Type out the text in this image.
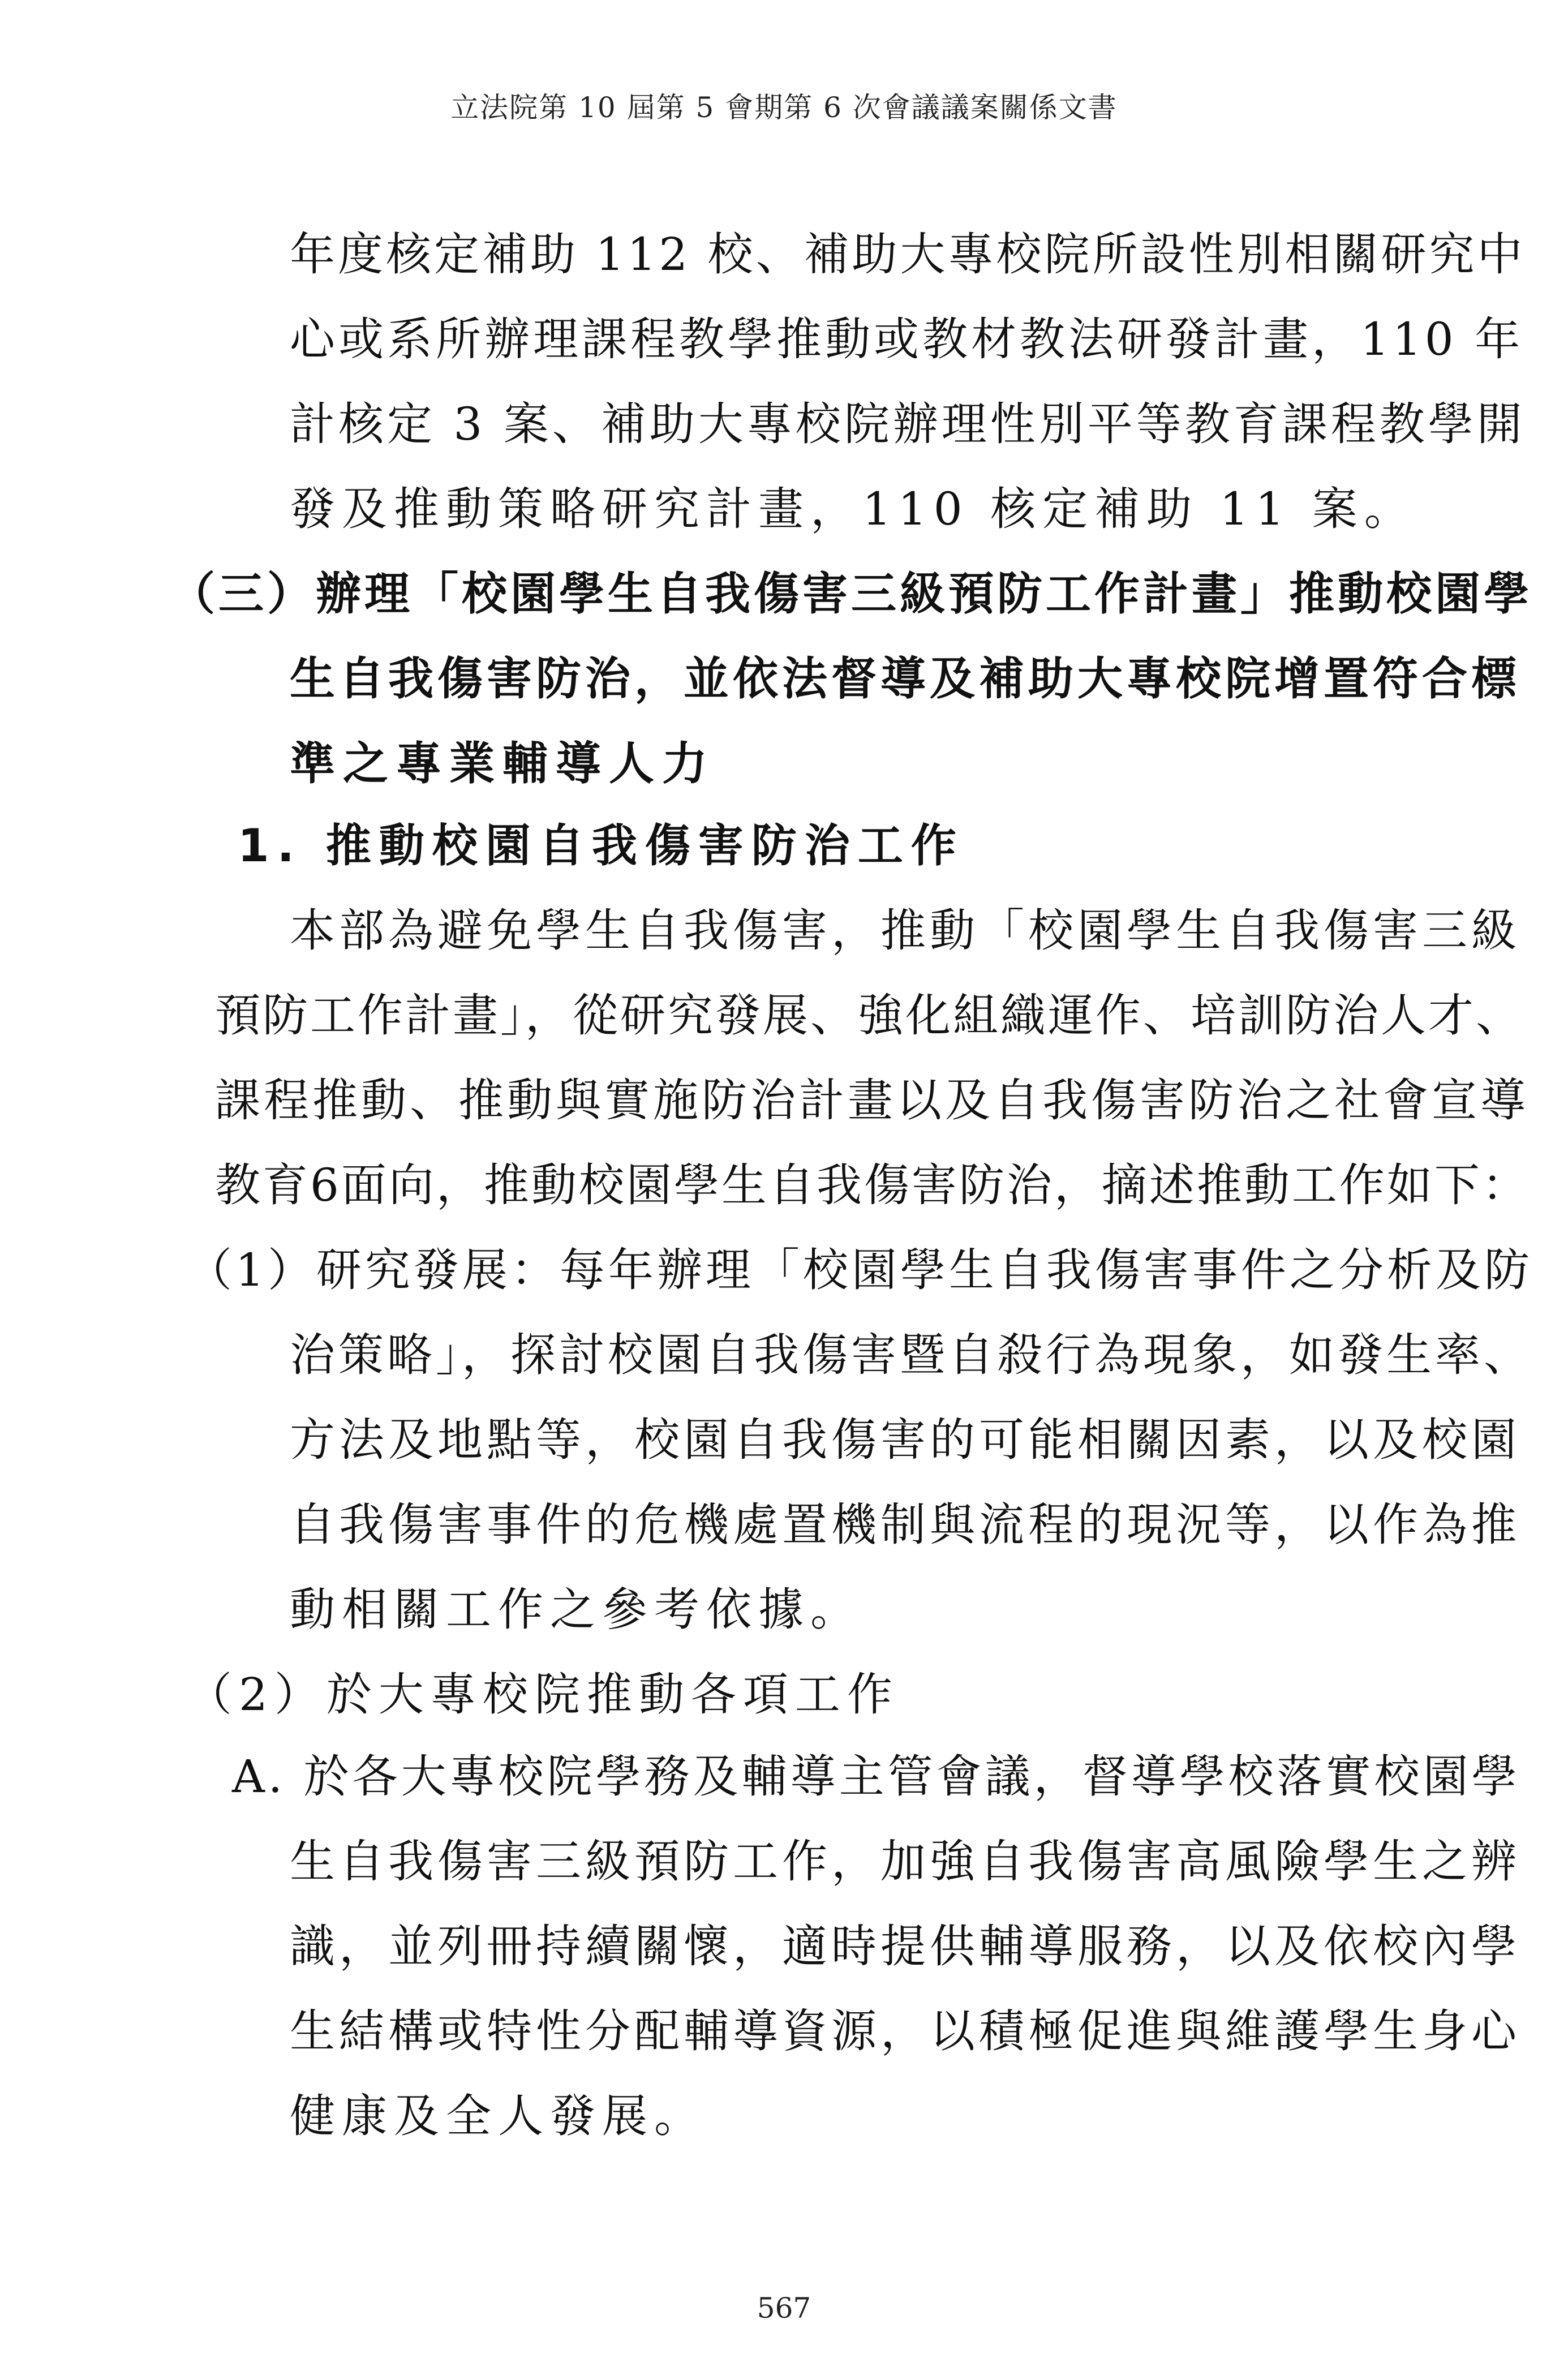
立法院第 10 屆第 5 會期第 6 次會議議案關係文書
年度核定補助 112 校、補助大專校院所設性別相關研究中
心或系所辦理課程教學推動或教材教法研發計畫，110 年
計核定 3 案、補助大專校院辦理性別平等教育課程教學開
發及推動策略研究計畫，110 核定補助 11 案。
（三）辦理「校園學生自我傷害三級預防工作計畫」推動校園學
生自我傷害防治，並依法督導及補助大專校院增置符合標
準之專業輔導人力
1. 推動校園自我傷害防治工作
本部為避免學生自我傷害，推動「校園學生自我傷害三級
預防工作計畫」，從研究發展、強化組織運作、培訓防治人才、
課程推動、推動與實施防治計畫以及自我傷害防治之社會宣導
教育6面向，推動校園學生自我傷害防治，摘述推動工作如下：
（1）研究發展：每年辦理「校園學生自我傷害事件之分析及防
治策略」，探討校園自我傷害暨自殺行為現象，如發生率、
方法及地點等，校園自我傷害的可能相關因素，以及校園
自我傷害事件的危機處置機制與流程的現況等，以作為推
動相關工作之參考依據。
（2）於大專校院推動各項工作
A. 於各大專校院學務及輔導主管會議，督導學校落實校園學
生自我傷害三級預防工作，加強自我傷害高風險學生之辨
識，並列冊持續關懷，適時提供輔導服務，以及依校內學
生結構或特性分配輔導資源，以積極促進與維護學生身心
健康及全人發展。
567
